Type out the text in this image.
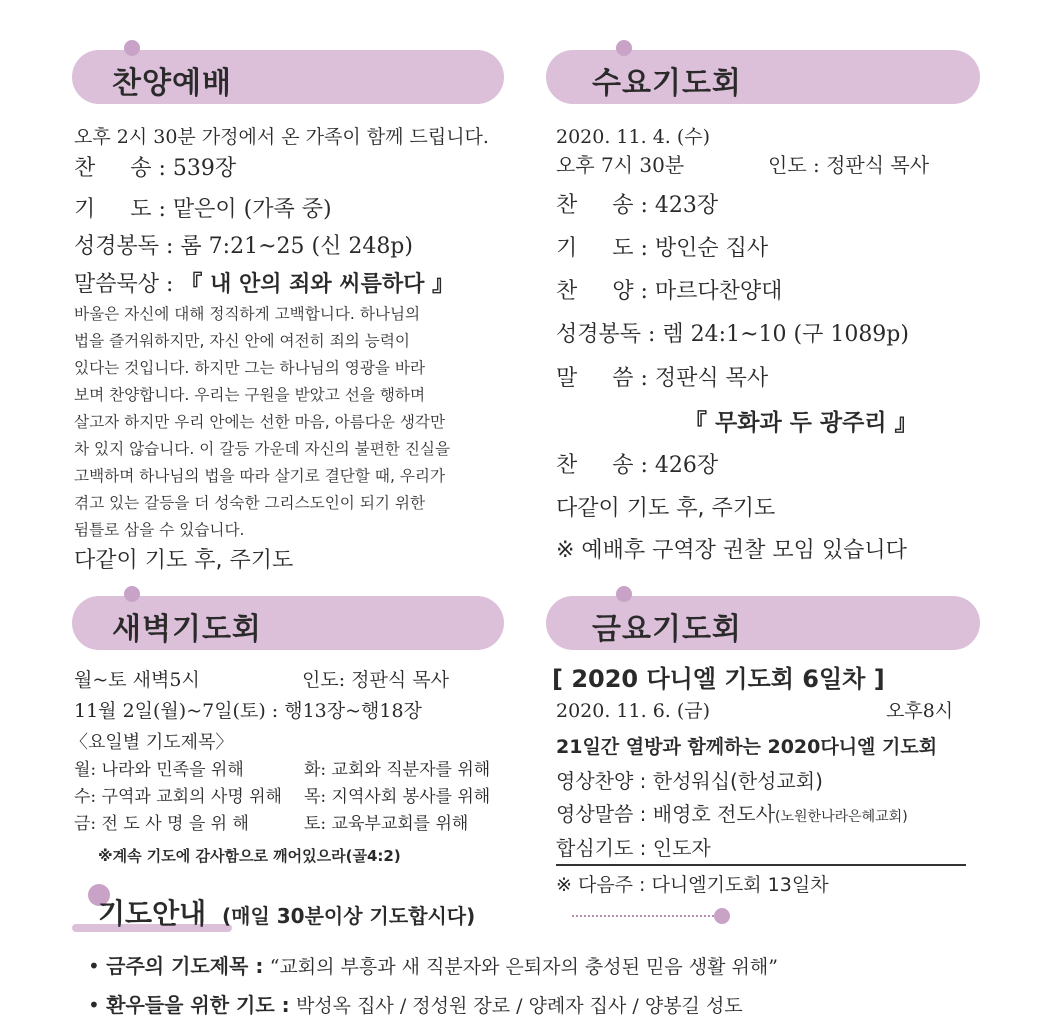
찬양예배
오후 2시 30분 가정에서 온 가족이 함께 드립니다.
찬     송 : 539장
기     도 : 맡은이 (가족 중)
성경봉독 : 롬 7:21~25 (신 248p)
말씀묵상 : 『 내 안의 죄와 씨름하다 』
바울은 자신에 대해 정직하게 고백합니다. 하나님의
법을 즐거워하지만, 자신 안에 여전히 죄의 능력이
있다는 것입니다. 하지만 그는 하나님의 영광을 바라
보며 찬양합니다. 우리는 구원을 받았고 선을 행하며
살고자 하지만 우리 안에는 선한 마음, 아름다운 생각만
차 있지 않습니다. 이 갈등 가운데 자신의 불편한 진실을
고백하며 하나님의 법을 따라 살기로 결단할 때, 우리가
겪고 있는 갈등을 더 성숙한 그리스도인이 되기 위한
뒴틀로 삼을 수 있습니다.
다같이 기도 후, 주기도
수요기도회
2020. 11. 4. (수)
오후 7시 30분	인도 : 정판식 목사
찬     송 : 423장
기     도 : 방인순 집사
찬     양 : 마르다찬양대
성경봉독 : 렘 24:1~10 (구 1089p)
말     씀 : 정판식 목사
『 무화과 두 광주리 』
찬     송 : 426장
다같이 기도 후, 주기도
※ 예배후 구역장 권찰 모임 있습니다
새벽기도회
월~토 새벽5시	인도: 정판식 목사
11월 2일(월)~7일(토) : 행13장~행18장
〈요일별 기도제목〉
월: 나라와 민족을 위해	화: 교회와 직분자를 위해
수: 구역과 교회의 사명 위해 목: 지역사회 봉사를 위해
금: 전 도 사 명 을 위 해	토: 교육부교회를 위해
※계속 기도에 감사함으로 깨어있으라(골4:2)
금요기도회
[ 2020 다니엘 기도회 6일차 ]
2020. 11. 6. (금)	오후8시
21일간 열방과 함께하는 2020다니엘 기도회
영상찬양 : 한성워십(한성교회)
영상말씀 : 배영호 전도사(노원한나라은혜교회)
합심기도 : 인도자
※ 다음주 : 다니엘기도회 13일차
기도안내 (매일 30분이상 기도합시다)
• 금주의 기도제목 : “교회의 부흥과 새 직분자와 은퇴자의 충성된 믿음 생활 위해”
• 환우들을 위한 기도 : 박성옥 집사 / 정성원 장로 / 양례자 집사 / 양봉길 성도
